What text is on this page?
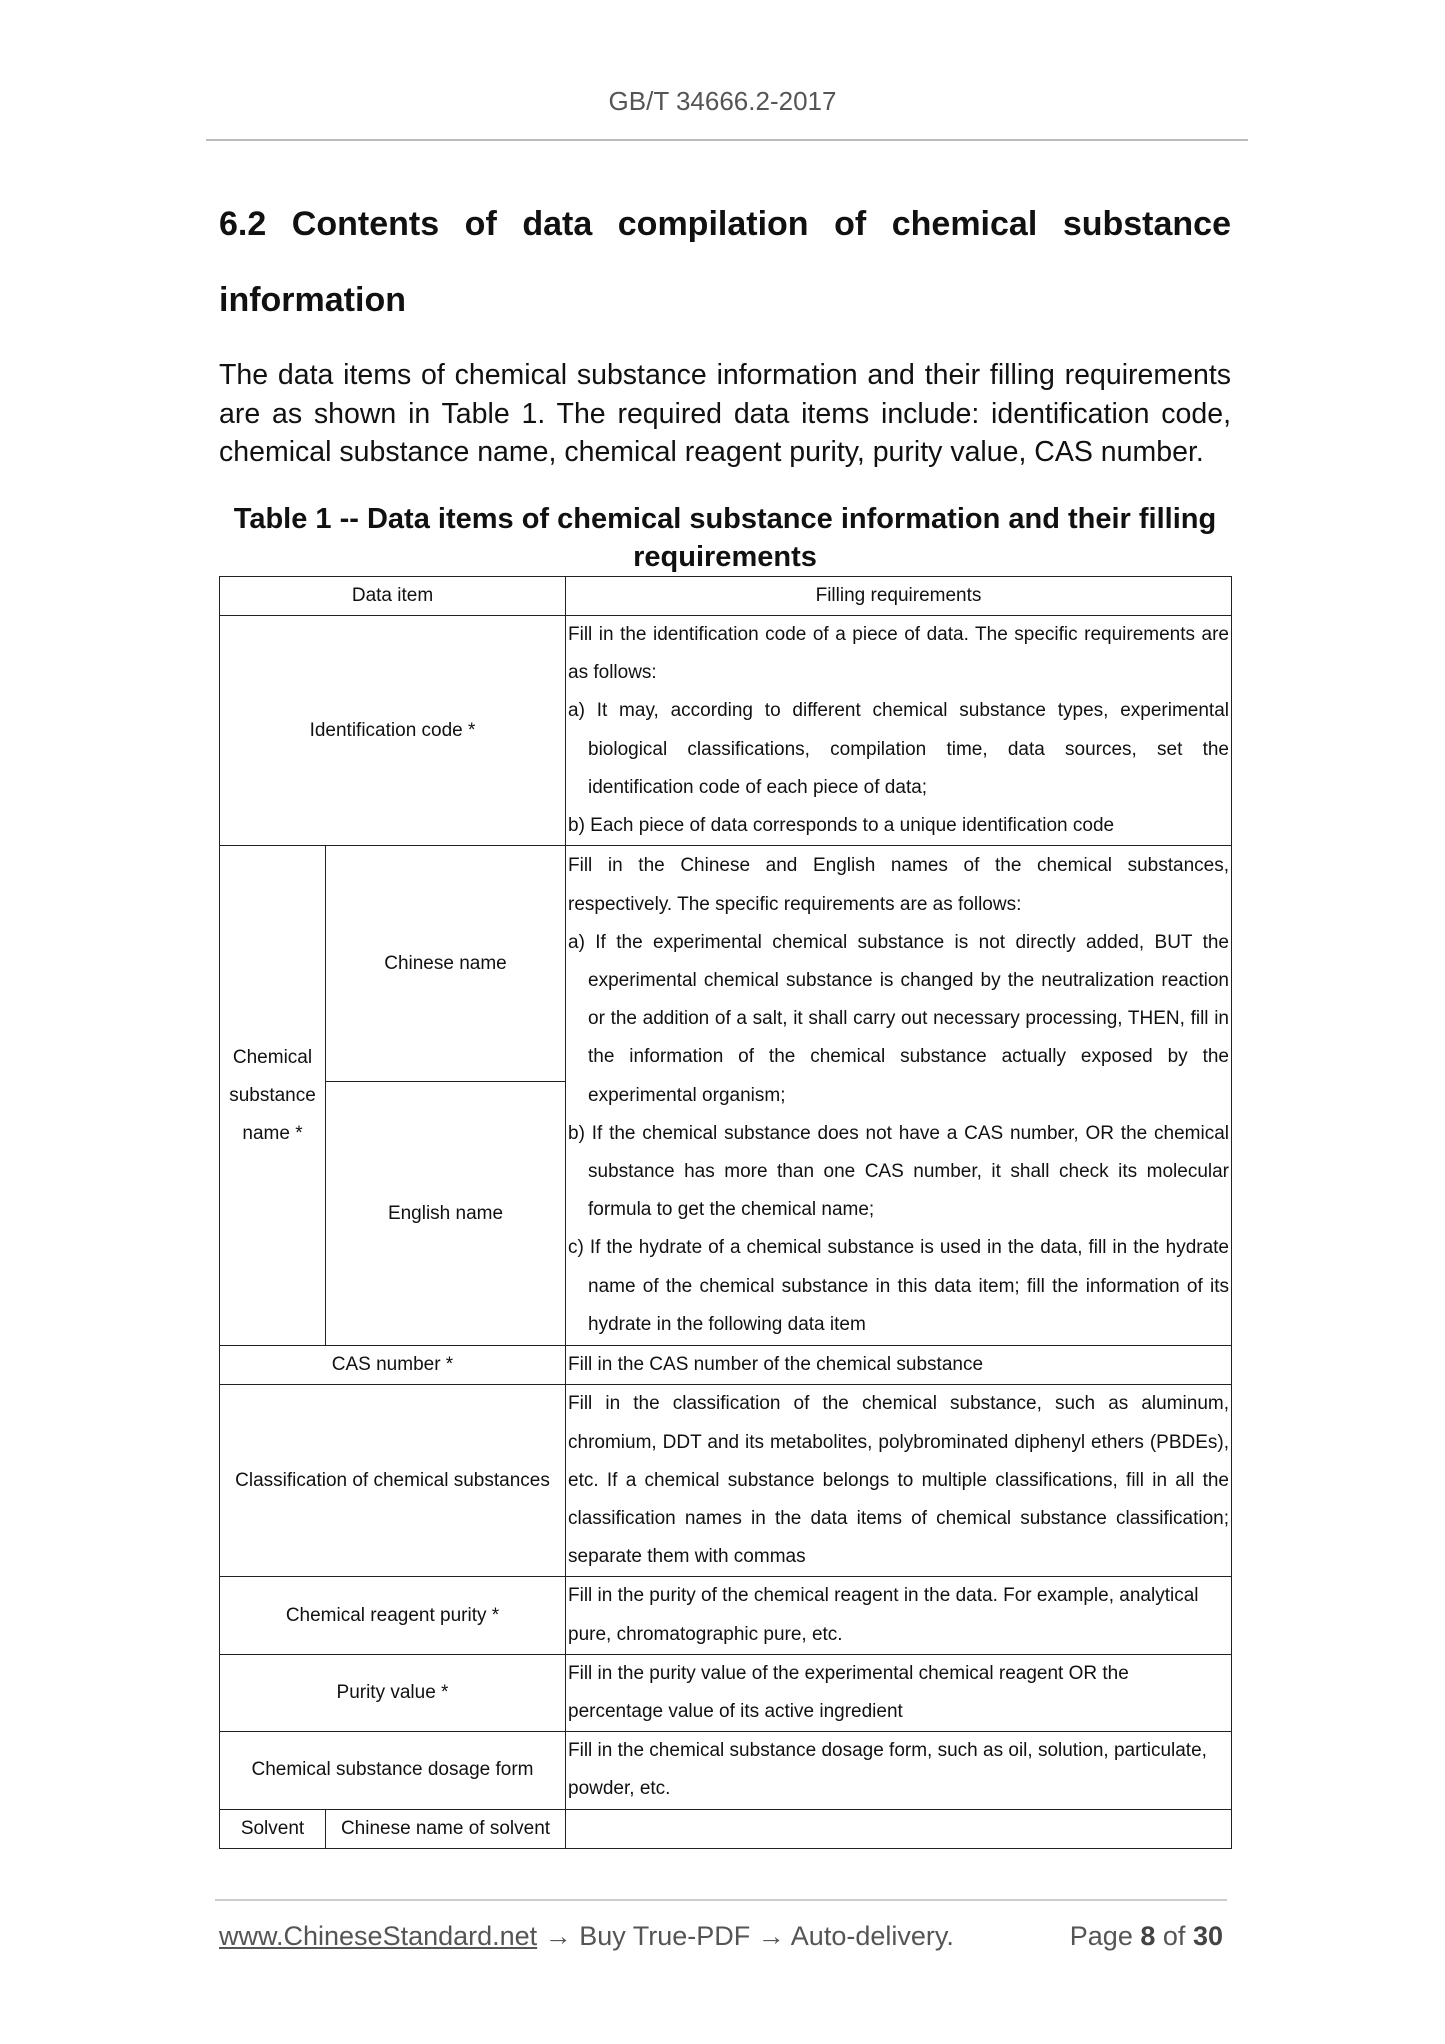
GB/T 34666.2-2017

6.2 Contents of data compilation of chemical substance information

The data items of chemical substance information and their filling requirements are as shown in Table 1. The required data items include: identification code, chemical substance name, chemical reagent purity, purity value, CAS number.

Table 1 -- Data items of chemical substance information and their filling
requirements
Data item		Filling requirements
Identification code *		Fill in the identification code of a piece of data. The specific requirements are as follows:
a) It may, according to different chemical substance types, experimental biological classifications, compilation time, data sources, set the identification code of each piece of data;
b) Each piece of data corresponds to a unique identification code

Chemical substance name *	Chinese name	Fill in the Chinese and English names of the chemical substances, respectively. The specific requirements are as follows:
a) If the experimental chemical substance is not directly added, BUT the experimental chemical substance is changed by the neutralization reaction or the addition of a salt, it shall carry out necessary processing, THEN, fill in the information of the chemical substance actually exposed by the experimental organism;
b) If the chemical substance does not have a CAS number, OR the chemical substance has more than one CAS number, it shall check its molecular formula to get the chemical name;
c) If the hydrate of a chemical substance is used in the data, fill in the hydrate name of the chemical substance in this data item; fill the information of its hydrate in the following data item

	English name	
CAS number *		Fill in the CAS number of the chemical substance
Classification of chemical substances		Fill in the classification of the chemical substance, such as aluminum, chromium, DDT and its metabolites, polybrominated diphenyl ethers (PBDEs), etc. If a chemical substance belongs to multiple classifications, fill in all the classification names in the data items of chemical substance classification; separate them with commas
Chemical reagent purity *		Fill in the purity of the chemical reagent in the data. For example, analytical pure, chromatographic pure, etc.
Purity value *		Fill in the purity value of the experimental chemical reagent OR the percentage value of its active ingredient
Chemical substance dosage form		Fill in the chemical substance dosage form, such as oil, solution, particulate, powder, etc.
Solvent	Chinese name of solvent	
www.ChineseStandard.net → Buy True-PDF → Auto-delivery.	Page 8 of 30
